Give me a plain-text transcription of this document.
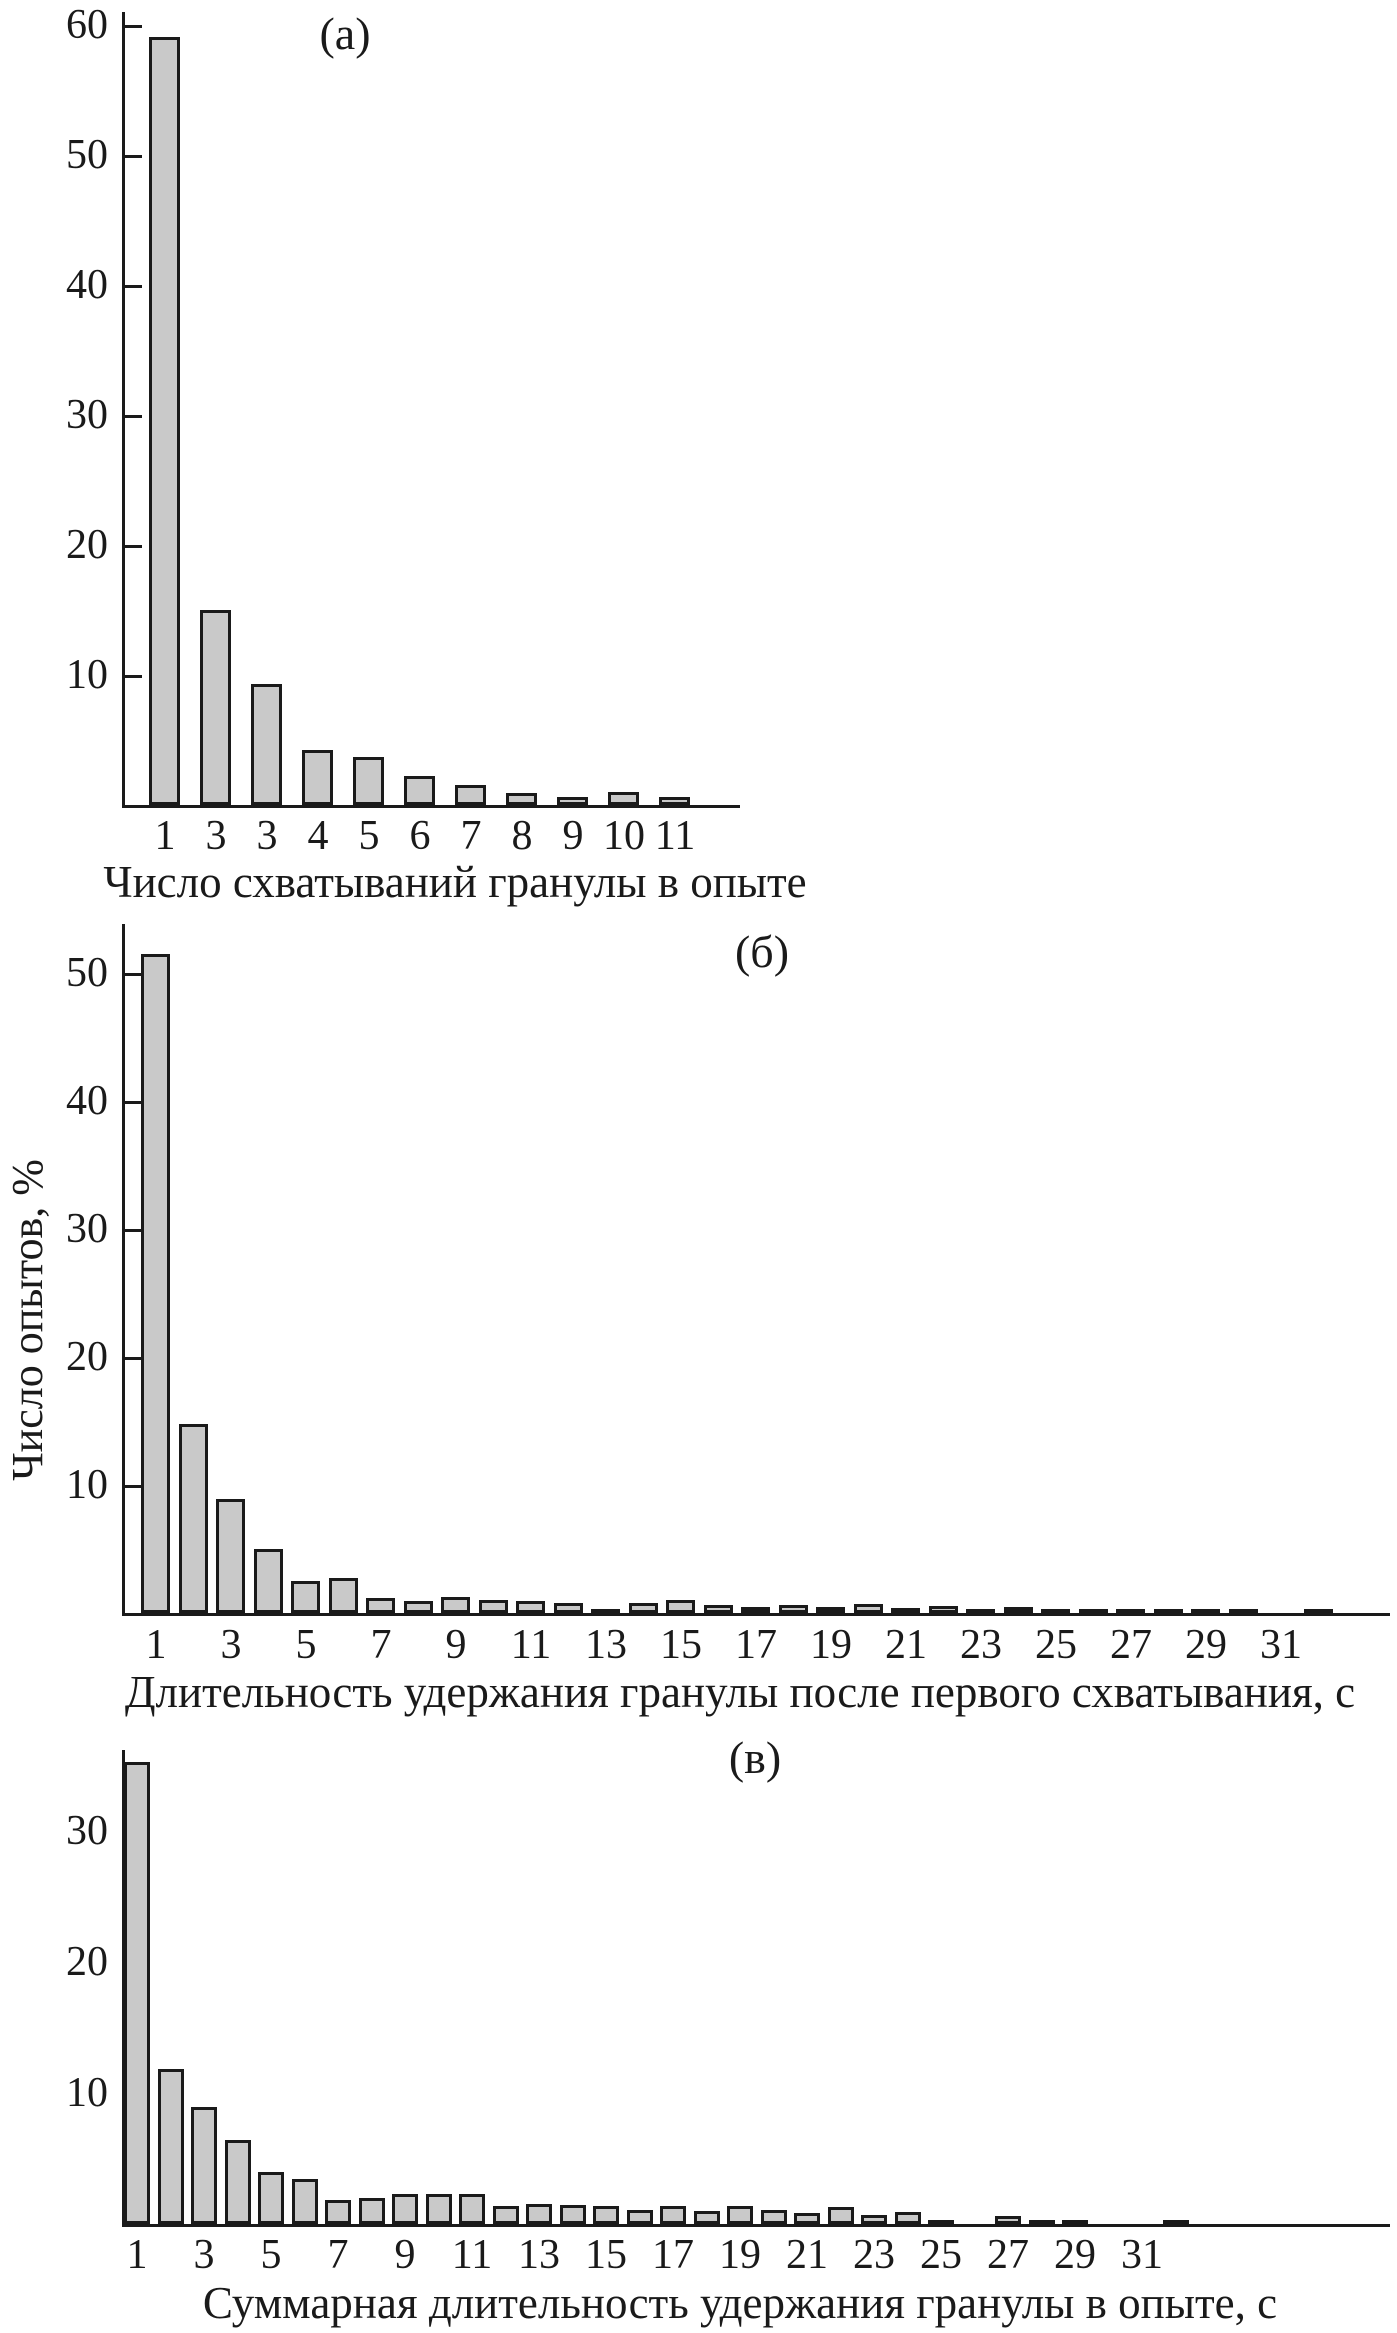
Число опытов, %
10
20
30
40
50
60
1 3 3 4 5 6 7 8 9 10 11
Число схватываний гранулы в опыте
(а)
10
20
30
40
50
1	3	5	7	9	11 13 15 17 19 21 23 25 27 29 31
Длительность удержания гранулы после первого схватывания, с
(б)
10
20
30
1	3	5	7	9 11 13 15 17 19 21 23 25 27 29 31
Суммарная длительность удержания гранулы в опыте, с
(в)
